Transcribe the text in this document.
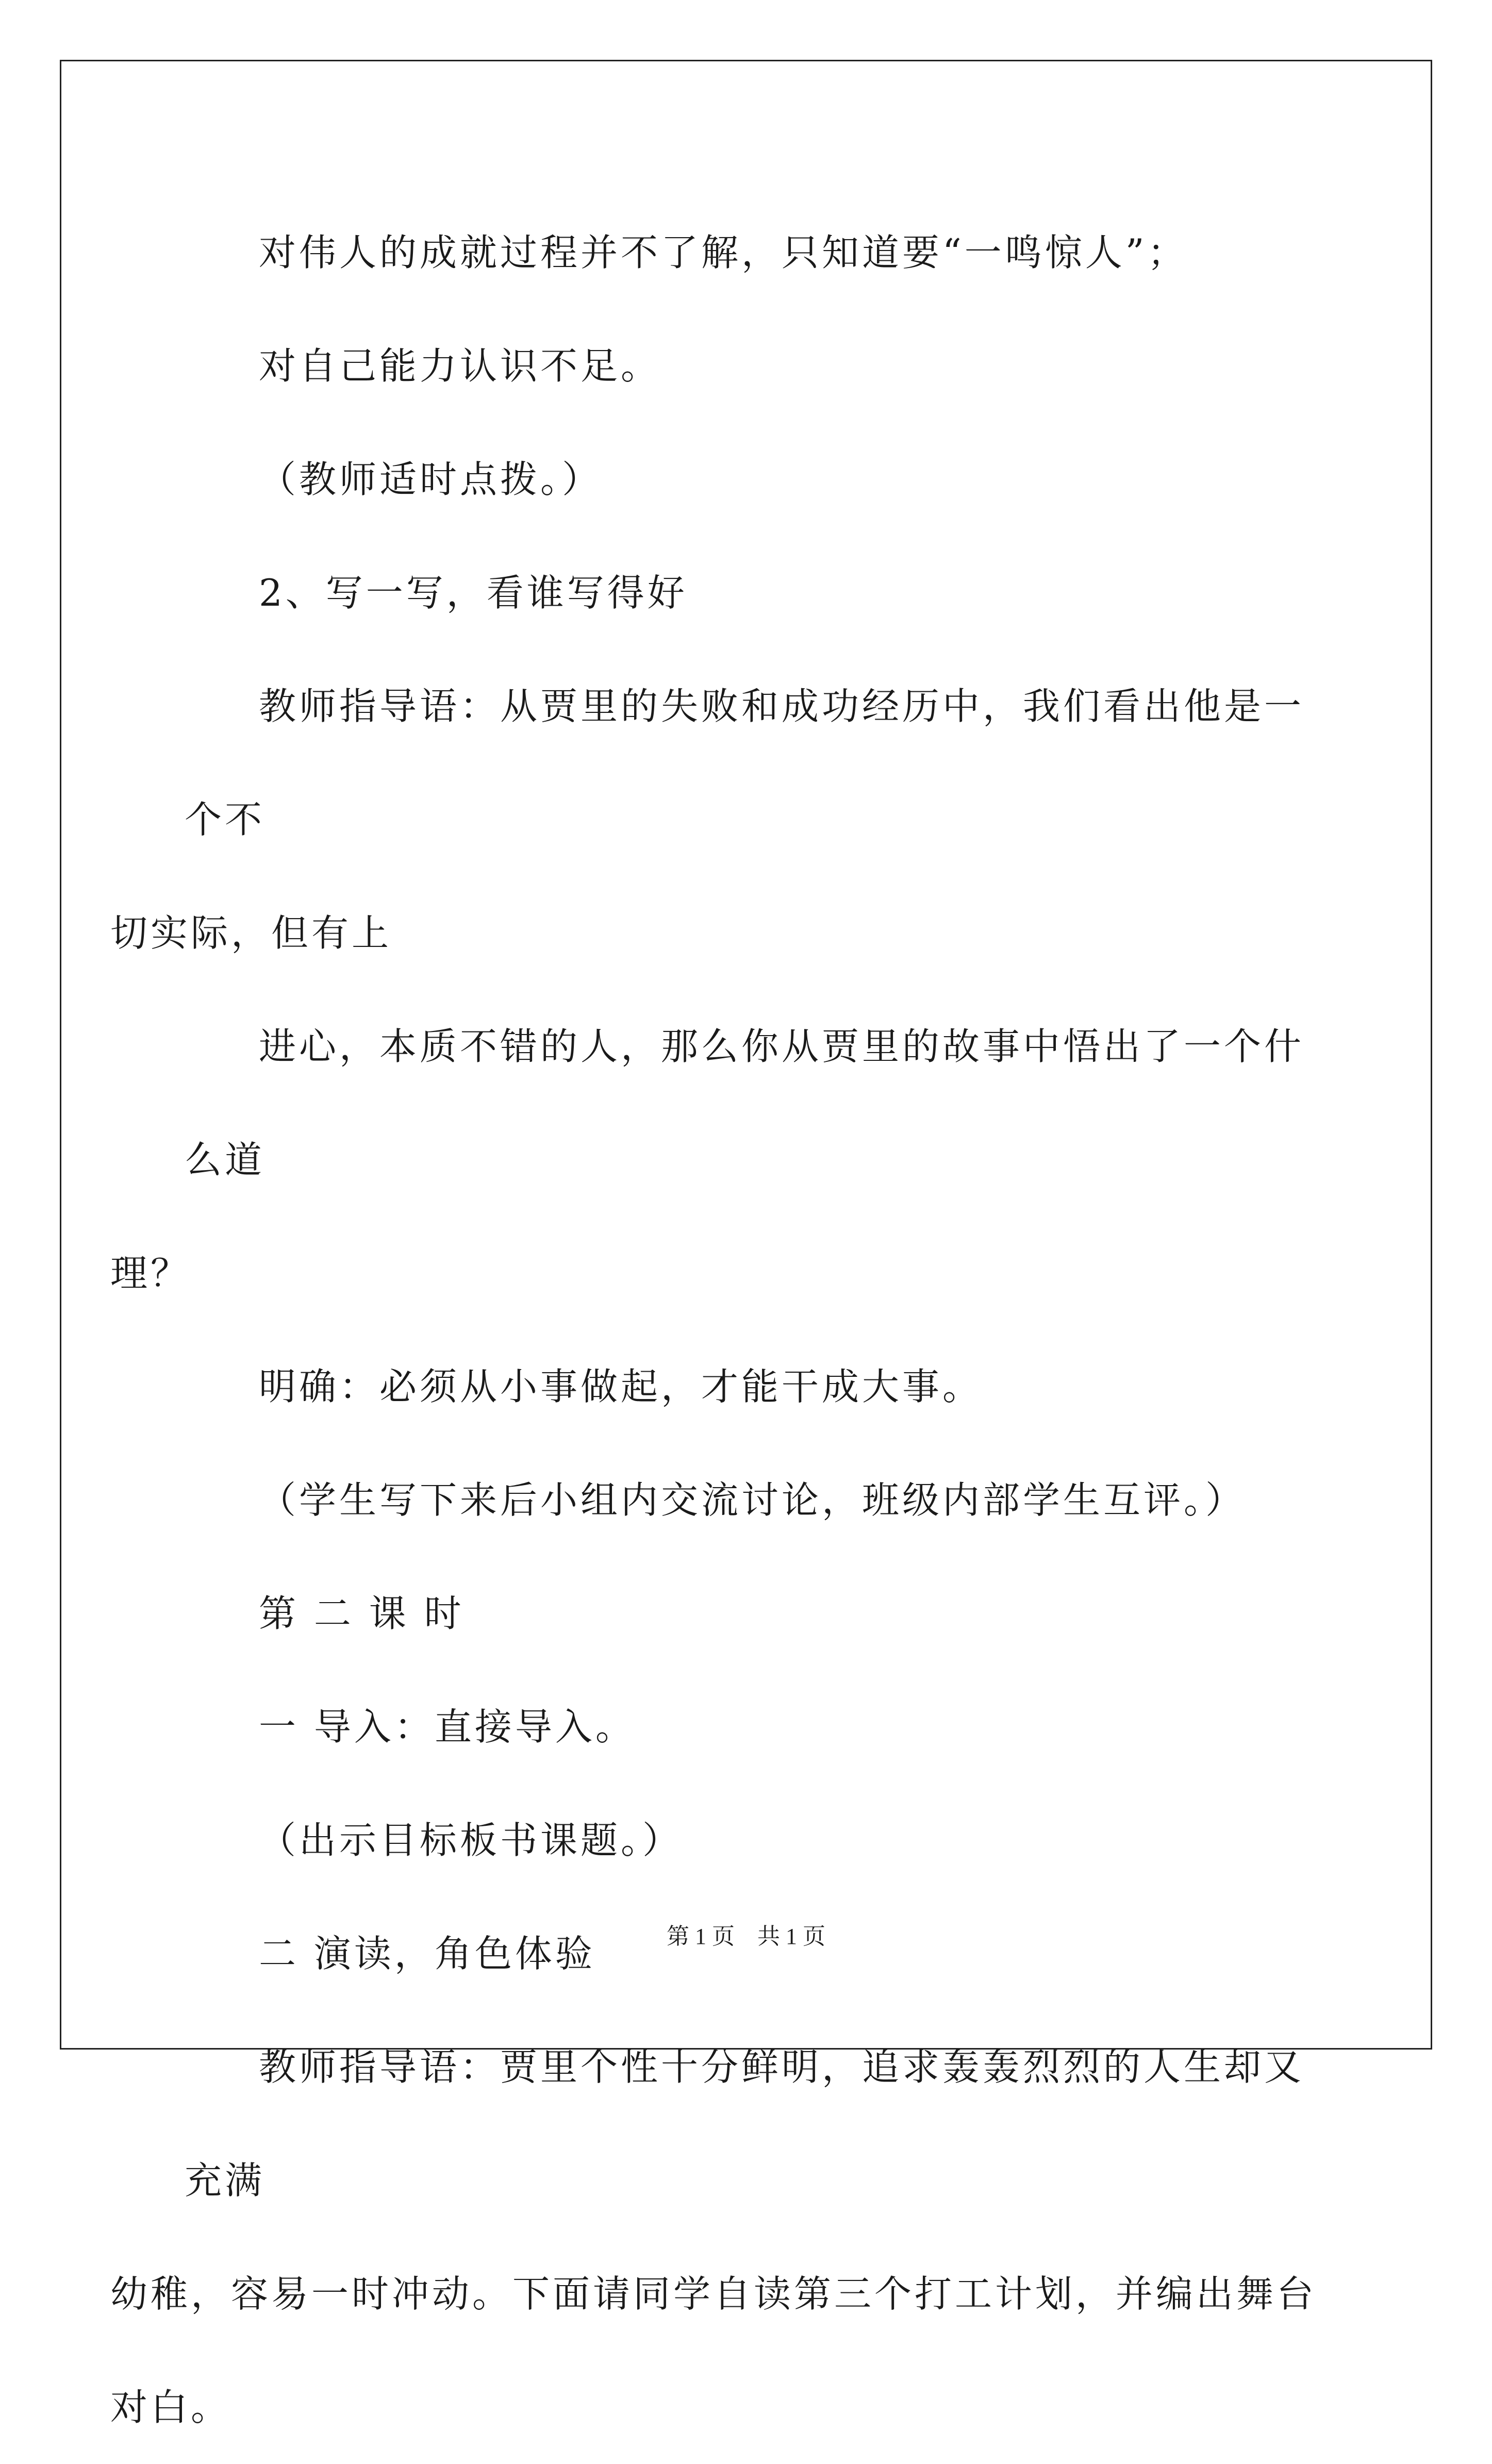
对伟人的成就过程并不了解，只知道要“一鸣惊人”；

对自己能力认识不足。

（教师适时点拨。）

2、写一写，看谁写得好

教师指导语：从贾里的失败和成功经历中，我们看出他是一个不

切实际，但有上

进心，本质不错的人，那么你从贾里的故事中悟出了一个什么道

理？

明确：必须从小事做起，才能干成大事。

（学生写下来后小组内交流讨论，班级内部学生互评。）

第 二 课 时

一 导入：直接导入。

（出示目标板书课题。）

二 演读，角色体验

教师指导语：贾里个性十分鲜明，追求轰轰烈烈的人生却又充满

幼稚，容易一时冲动。下面请同学自读第三个打工计划，并编出舞台

对白。

第 1 页　共 1 页
